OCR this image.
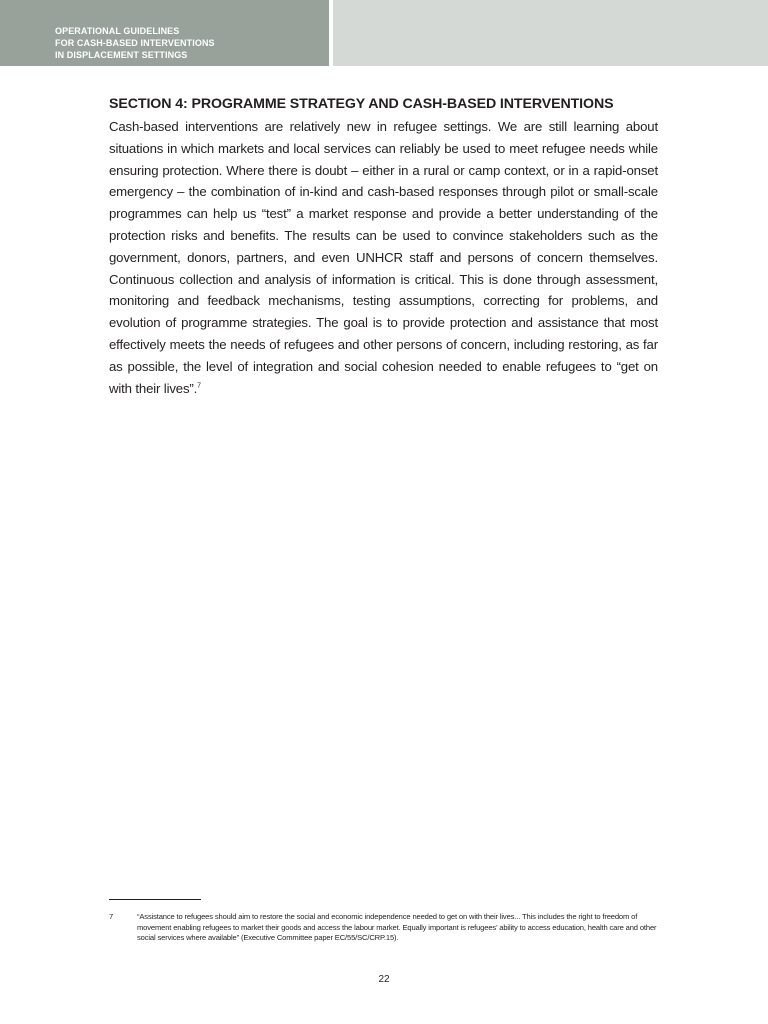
OPERATIONAL GUIDELINES
FOR CASH-BASED INTERVENTIONS
IN DISPLACEMENT SETTINGS
SECTION 4: PROGRAMME STRATEGY AND CASH-BASED INTERVENTIONS

Cash-based interventions are relatively new in refugee settings. We are still learning about situations in which markets and local services can reliably be used to meet refugee needs while ensuring protection. Where there is doubt – either in a rural or camp context, or in a rapid-onset emergency – the combination of in-kind and cash-based responses through pilot or small-scale programmes can help us “test” a market response and provide a better understanding of the protection risks and benefits. The results can be used to convince stakeholders such as the government, donors, partners, and even UNHCR staff and persons of concern themselves. Continuous collection and analysis of information is critical. This is done through assessment, monitoring and feedback mechanisms, testing assumptions, correcting for problems, and evolution of programme strategies. The goal is to provide protection and assistance that most effectively meets the needs of refugees and other persons of concern, including restoring, as far as possible, the level of integration and social cohesion needed to enable refugees to “get on with their lives”.$^7$

7	“Assistance to refugees should aim to restore the social and economic independence needed to get on with their lives... This includes the right to freedom of movement enabling refugees to market their goods and access the labour market. Equally important is refugees’ ability to access education, health care and other social services where available” (Executive Committee paper EC/55/SC/CRP.15).

22
